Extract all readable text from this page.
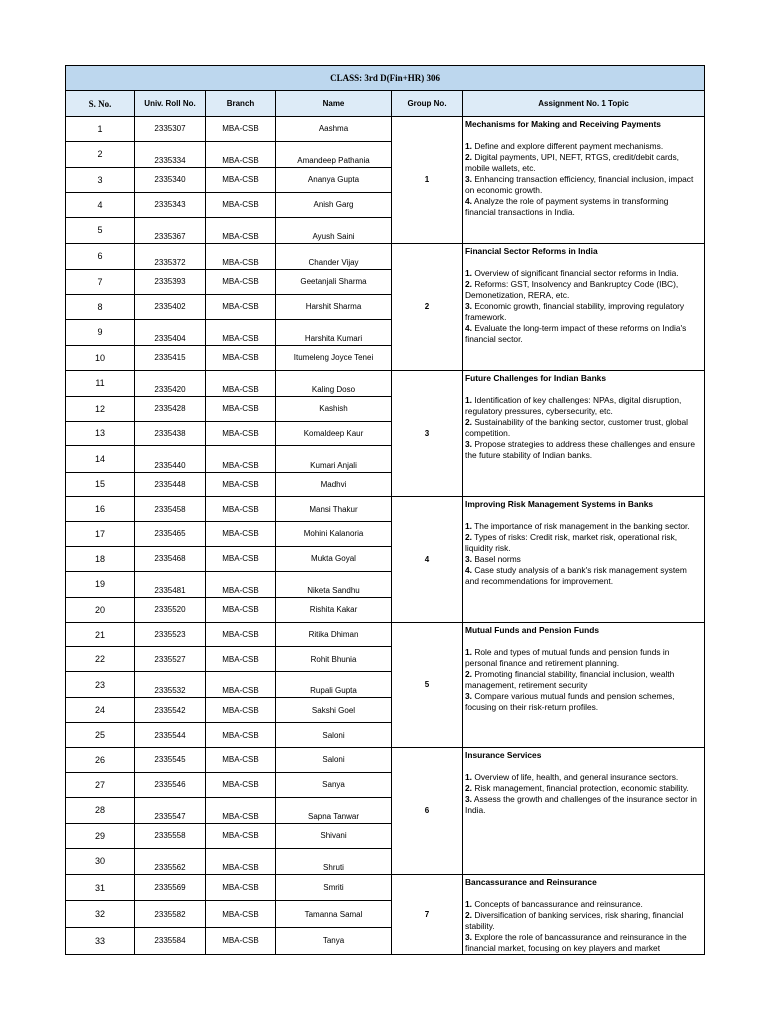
CLASS: 3rd D(Fin+HR) 306					
S. No.	Univ. Roll No.	Branch	Name	Group No.	Assignment No. 1 Topic
1	2335307	MBA-CSB	Aashma	1	Mechanisms for Making and Receiving Payments
1. Define and explore different payment mechanisms.
2. Digital payments, UPI, NEFT, RTGS, credit/debit cards, mobile wallets, etc.
3. Enhancing transaction efficiency, financial inclusion, impact on economic growth.
4. Analyze the role of payment systems in transforming financial transactions in India.

2	2335334	MBA-CSB	Amandeep Pathania		
3	2335340	MBA-CSB	Ananya Gupta		
4	2335343	MBA-CSB	Anish Garg		
5	2335367	MBA-CSB	Ayush Saini		
6	2335372	MBA-CSB	Chander Vijay	2	Financial Sector Reforms in India
1. Overview of significant financial sector reforms in India.
2. Reforms: GST, Insolvency and Bankruptcy Code (IBC), Demonetization, RERA, etc.
3. Economic growth, financial stability, improving regulatory framework.
4. Evaluate the long-term impact of these reforms on India's financial sector.

7	2335393	MBA-CSB	Geetanjali Sharma		
8	2335402	MBA-CSB	Harshit Sharma		
9	2335404	MBA-CSB	Harshita Kumari		
10	2335415	MBA-CSB	Itumeleng Joyce Tenei		
11	2335420	MBA-CSB	Kaling Doso	3	Future Challenges for Indian Banks
1. Identification of key challenges: NPAs, digital disruption, regulatory pressures, cybersecurity, etc.
2. Sustainability of the banking sector, customer trust, global competition.
3. Propose strategies to address these challenges and ensure the future stability of Indian banks.

12	2335428	MBA-CSB	Kashish		
13	2335438	MBA-CSB	Komaldeep Kaur		
14	2335440	MBA-CSB	Kumari Anjali		
15	2335448	MBA-CSB	Madhvi		
16	2335458	MBA-CSB	Mansi Thakur	4	Improving Risk Management Systems in Banks
1. The importance of risk management in the banking sector.
2. Types of risks: Credit risk, market risk, operational risk, liquidity risk.
3. Basel norms
4. Case study analysis of a bank's risk management system and recommendations for improvement.

17	2335465	MBA-CSB	Mohini Kalanoria		
18	2335468	MBA-CSB	Mukta Goyal		
19	2335481	MBA-CSB	Niketa Sandhu		
20	2335520	MBA-CSB	Rishita Kakar		
21	2335523	MBA-CSB	Ritika Dhiman	5	Mutual Funds and Pension Funds
1. Role and types of mutual funds and pension funds in personal finance and retirement planning.
2. Promoting financial stability, financial inclusion, wealth management, retirement security
3. Compare various mutual funds and pension schemes, focusing on their risk-return profiles.

22	2335527	MBA-CSB	Rohit Bhunia		
23	2335532	MBA-CSB	Rupali Gupta		
24	2335542	MBA-CSB	Sakshi Goel		
25	2335544	MBA-CSB	Saloni		
26	2335545	MBA-CSB	Saloni	6	Insurance Services
1. Overview of life, health, and general insurance sectors.
2. Risk management, financial protection, economic stability.
3. Assess the growth and challenges of the insurance sector in India.

27	2335546	MBA-CSB	Sanya		
28	2335547	MBA-CSB	Sapna Tanwar		
29	2335558	MBA-CSB	Shivani		
30	2335562	MBA-CSB	Shruti		
31	2335569	MBA-CSB	Smriti	7	Bancassurance and Reinsurance
1. Concepts of bancassurance and reinsurance.
2. Diversification of banking services, risk sharing, financial stability.
3. Explore the role of bancassurance and reinsurance in the financial market, focusing on key players and market

32	2335582	MBA-CSB	Tamanna Samal		
33	2335584	MBA-CSB	Tanya		
